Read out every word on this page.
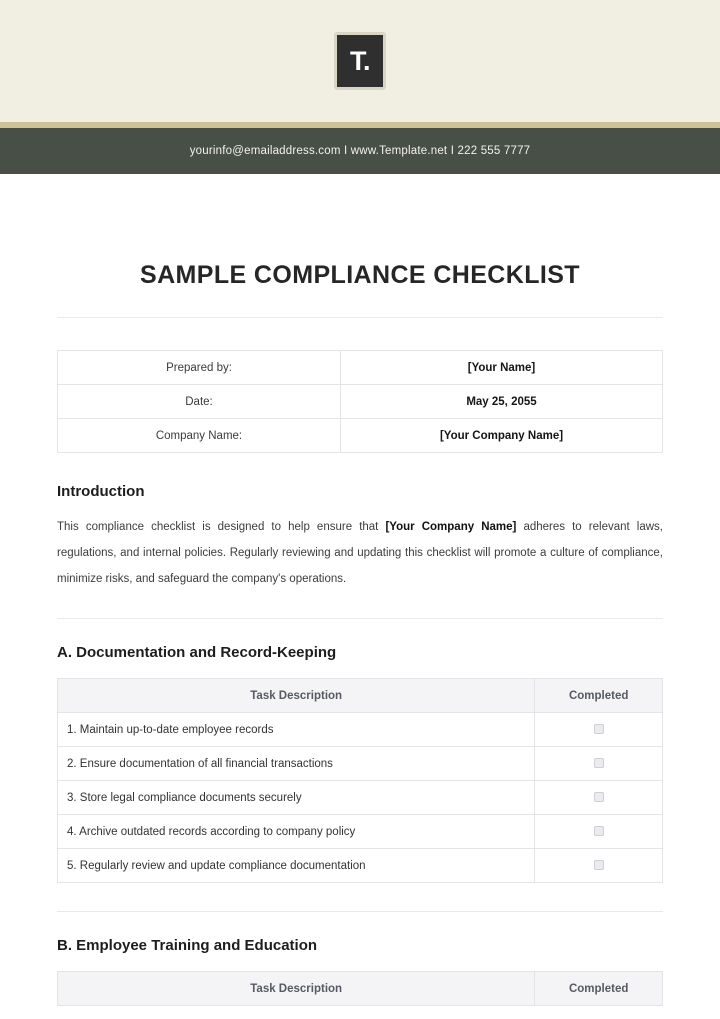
T.
yourinfo@emailaddress.com I www.Template.net I 222 555 7777
SAMPLE COMPLIANCE CHECKLIST
Prepared by:	[Your Name]
Date:	May 25, 2055
Company Name:	[Your Company Name]
Introduction

This compliance checklist is designed to help ensure that [Your Company Name] adheres to relevant laws, regulations, and internal policies. Regularly reviewing and updating this checklist will promote a culture of compliance, minimize risks, and safeguard the company's operations.

A. Documentation and Record-Keeping
Task Description	Completed
1. Maintain up-to-date employee records	
2. Ensure documentation of all financial transactions	
3. Store legal compliance documents securely	
4. Archive outdated records according to company policy	
5. Regularly review and update compliance documentation	
B. Employee Training and Education
Task Description	Completed
